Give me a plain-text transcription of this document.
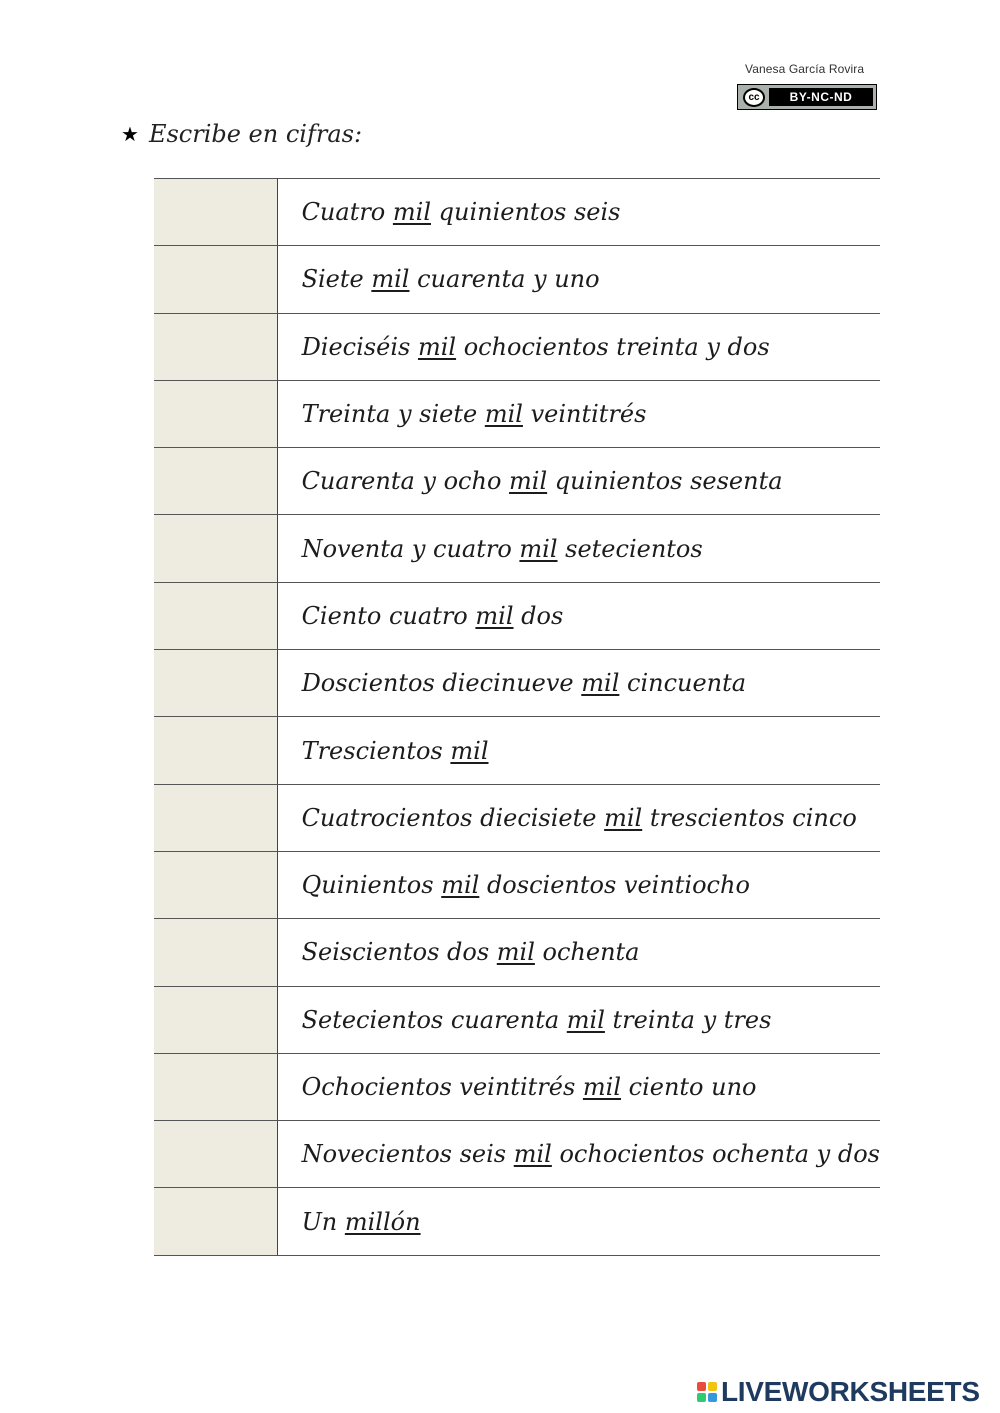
Vanesa García Rovira
cc	BY-NC-ND
★ Escribe en cifras:
	Cuatro mil quinientos seis
	Siete mil cuarenta y uno
	Dieciséis mil ochocientos treinta y dos
	Treinta y siete mil veintitrés
	Cuarenta y ocho mil quinientos sesenta
	Noventa y cuatro mil setecientos
	Ciento cuatro mil dos
	Doscientos diecinueve mil cincuenta
	Trescientos mil
	Cuatrocientos diecisiete mil trescientos cinco
	Quinientos mil doscientos veintiocho
	Seiscientos dos mil ochenta
	Setecientos cuarenta mil treinta y tres
	Ochocientos veintitrés mil ciento uno
	Novecientos seis mil ochocientos ochenta y dos
	Un millón
LIVEWORKSHEETS
